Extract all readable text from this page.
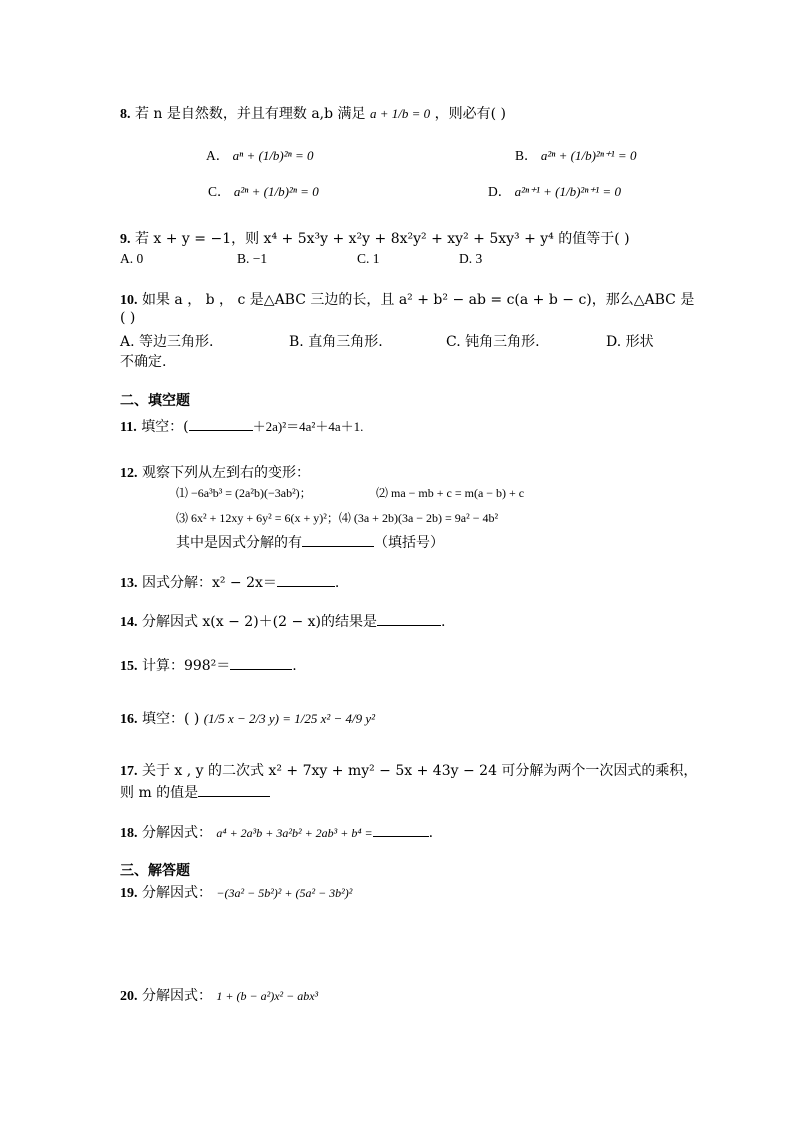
8. 若 n 是自然数，并且有理数 a,b 满足 a + 1/b = 0 ，则必有( )
A． aⁿ + (1/b)²ⁿ = 0	B． a²ⁿ + (1/b)²ⁿ⁺¹ = 0
C． a²ⁿ + (1/b)²ⁿ = 0	D． a²ⁿ⁺¹ + (1/b)²ⁿ⁺¹ = 0
9. 若 x + y = −1，则 x⁴ + 5x³y + x²y + 8x²y² + xy² + 5xy³ + y⁴ 的值等于( )
A. 0	B. −1	C. 1	D. 3
10. 如果 a ， b ， c 是△ABC 三边的长，且 a² + b² − ab = c(a + b − c)，那么△ABC 是
( )
A. 等边三角形.	B. 直角三角形.	C. 钝角三角形.	D. 形状
不确定.
二、填空题
11. 填空：(	＋2a)²＝4a²＋4a＋1.
12. 观察下列从左到右的变形：
⑴ −6a³b³ = (2a²b)(−3ab²)；	⑵ ma − mb + c = m(a − b) + c
⑶ 6x² + 12xy + 6y² = 6(x + y)²；⑷ (3a + 2b)(3a − 2b) = 9a² − 4b²
其中是因式分解的有	（填括号）
13. 因式分解：x² − 2x＝	.
14. 分解因式 x(x − 2)＋(2 − x)的结果是	.
15. 计算：998²＝	.
16. 填空：( ) (1/5 x − 2/3 y) = 1/25 x² − 4/9 y²
17. 关于 x , y 的二次式 x² + 7xy + my² − 5x + 43y − 24 可分解为两个一次因式的乘积，
则 m 的值是
18. 分解因式： a⁴ + 2a³b + 3a²b² + 2ab³ + b⁴ =	.
三、解答题
19. 分解因式： −(3a² − 5b²)² + (5a² − 3b²)²
20. 分解因式： 1 + (b − a²)x² − abx³
